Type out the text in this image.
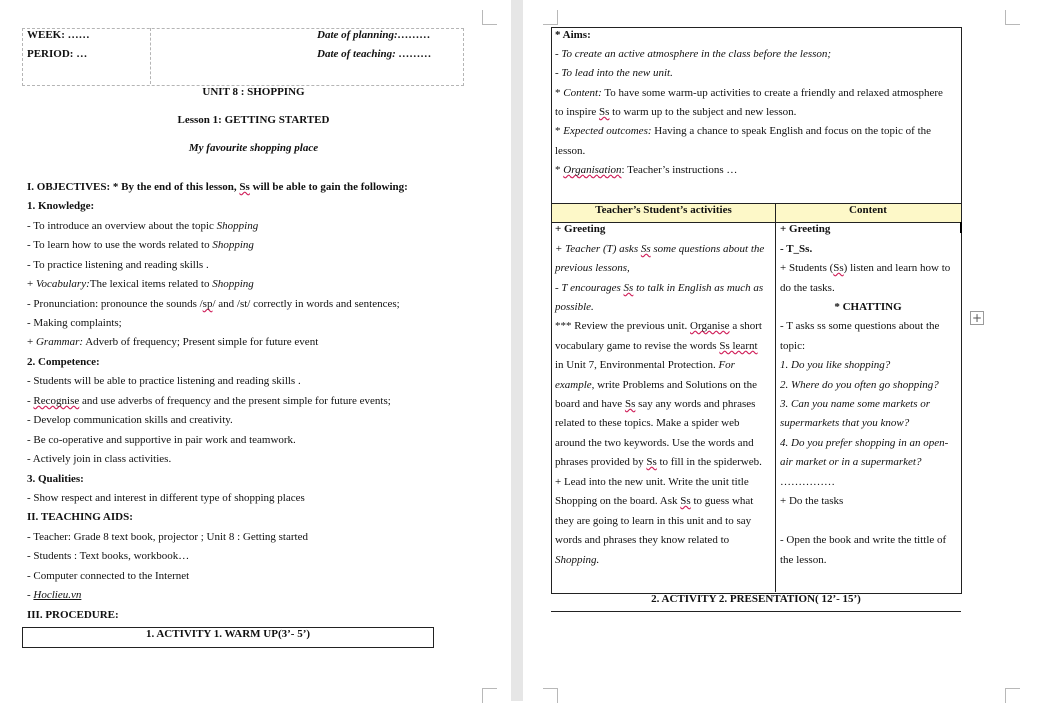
WEEK: ……
PERIOD: …
Date of planning:………
Date of teaching: ………
UNIT 8 : SHOPPING
Lesson 1: GETTING STARTED
My favourite shopping place
I. OBJECTIVES: * By the end of this lesson, Ss will be able to gain the following:
1. Knowledge:
- To introduce an overview about the topic Shopping
- To learn how to use the words related to Shopping
- To practice listening and reading skills .
+ Vocabulary:The lexical items related to Shopping
- Pronunciation: pronounce the sounds /sp/ and /st/ correctly in words and sentences;
- Making complaints;
+ Grammar: Adverb of frequency; Present simple for future event
2. Competence:
- Students will be able to practice listening and reading skills .
- Recognise and use adverbs of frequency and the present simple for future events;
- Develop communication skills and creativity.
- Be co-operative and supportive in pair work and teamwork.
- Actively join in class activities.
3. Qualities:
- Show respect and interest in different type of shopping places
II. TEACHING AIDS:
- Teacher: Grade 8 text book, projector ; Unit 8 : Getting started
- Students : Text books, workbook…
- Computer connected to the Internet
- Hoclieu.vn
III. PROCEDURE:
1. ACTIVITY 1. WARM UP(3’- 5’)
* Aims:
- To create an active atmosphere in the class before the lesson;
- To lead into the new unit.
* Content: To have some warm-up activities to create a friendly and relaxed atmosphere
to inspire Ss to warm up to the subject and new lesson.
* Expected outcomes: Having a chance to speak English and focus on the topic of the
lesson.
* Organisation: Teacher’s instructions …
Teacher’s Student’s activities	Content
+ Greeting
+ Teacher (T) asks Ss some questions about the
previous lessons,
- T encourages Ss to talk in English as much as
possible.
*** Review the previous unit. Organise a short
vocabulary game to revise the words Ss learnt
in Unit 7, Environmental Protection. For
example, write Problems and Solutions on the
board and have Ss say any words and phrases
related to these topics. Make a spider web
around the two keywords. Use the words and
phrases provided by Ss to fill in the spiderweb.
+ Lead into the new unit. Write the unit title
Shopping on the board. Ask Ss to guess what
they are going to learn in this unit and to say
words and phrases they know related to
Shopping.
+ Greeting
- T_Ss.
+ Students (Ss) listen and learn how to
do the tasks.
* CHATTING
- T asks ss some questions about the
topic:
1. Do you like shopping?
2. Where do you often go shopping?
3. Can you name some markets or
supermarkets that you know?
4. Do you prefer shopping in an open-
air market or in a supermarket?
……………
+ Do the tasks
- Open the book and write the tittle of
the lesson.
2. ACTIVITY 2. PRESENTATION( 12’- 15’)
+
